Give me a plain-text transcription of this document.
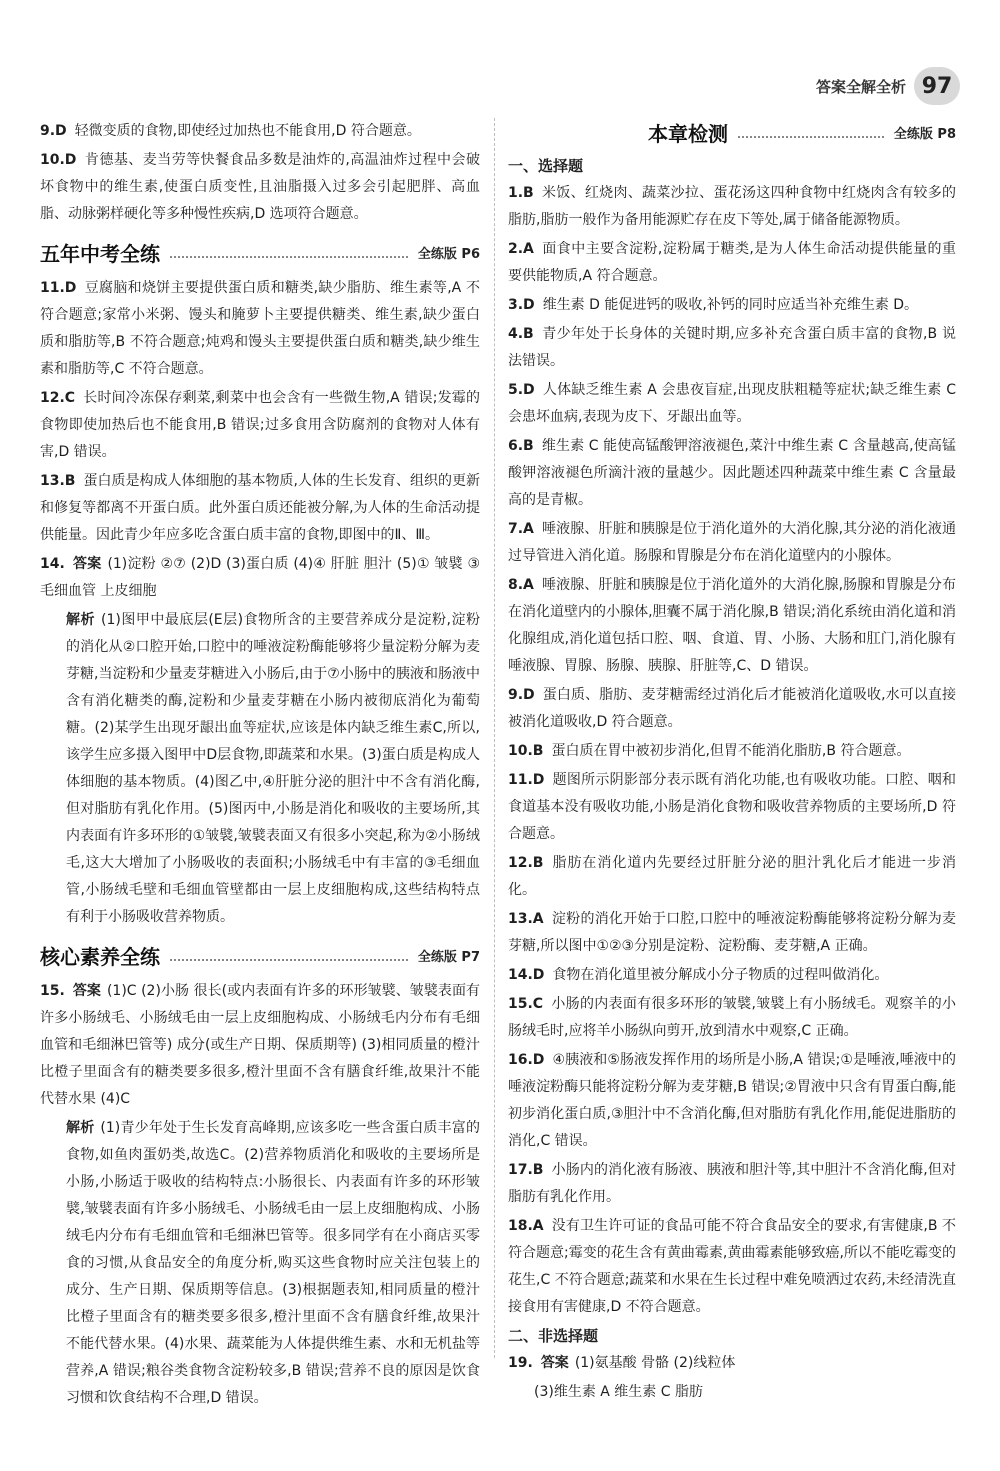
答案全解全析 97

9.D 轻微变质的食物,即使经过加热也不能食用,D 符合题意。

10.D 肯德基、麦当劳等快餐食品多数是油炸的,高温油炸过程中会破坏食物中的维生素,使蛋白质变性,且油脂摄入过多会引起肥胖、高血脂、动脉粥样硬化等多种慢性疾病,D 选项符合题意。

五年中考全练	全练版 P6

11.D 豆腐脑和烧饼主要提供蛋白质和糖类,缺少脂肪、维生素等,A 不符合题意;家常小米粥、馒头和腌萝卜主要提供糖类、维生素,缺少蛋白质和脂肪等,B 不符合题意;炖鸡和馒头主要提供蛋白质和糖类,缺少维生素和脂肪等,C 不符合题意。

12.C 长时间冷冻保存剩菜,剩菜中也会含有一些微生物,A 错误;发霉的食物即使加热后也不能食用,B 错误;过多食用含防腐剂的食物对人体有害,D 错误。

13.B 蛋白质是构成人体细胞的基本物质,人体的生长发育、组织的更新和修复等都离不开蛋白质。此外蛋白质还能被分解,为人体的生命活动提供能量。因此青少年应多吃含蛋白质丰富的食物,即图中的Ⅱ、Ⅲ。

14. 答案 (1)淀粉 ②⑦ (2)D (3)蛋白质 (4)④ 肝脏 胆汁 (5)① 皱襞 ③ 毛细血管 上皮细胞

解析 (1)图甲中最底层(E层)食物所含的主要营养成分是淀粉,淀粉的消化从②口腔开始,口腔中的唾液淀粉酶能够将少量淀粉分解为麦芽糖,当淀粉和少量麦芽糖进入小肠后,由于⑦小肠中的胰液和肠液中含有消化糖类的酶,淀粉和少量麦芽糖在小肠内被彻底消化为葡萄糖。(2)某学生出现牙龈出血等症状,应该是体内缺乏维生素C,所以,该学生应多摄入图甲中D层食物,即蔬菜和水果。(3)蛋白质是构成人体细胞的基本物质。(4)图乙中,④肝脏分泌的胆汁中不含有消化酶,但对脂肪有乳化作用。(5)图丙中,小肠是消化和吸收的主要场所,其内表面有许多环形的①皱襞,皱襞表面又有很多小突起,称为②小肠绒毛,这大大增加了小肠吸收的表面积;小肠绒毛中有丰富的③毛细血管,小肠绒毛壁和毛细血管壁都由一层上皮细胞构成,这些结构特点有利于小肠吸收营养物质。

核心素养全练	全练版 P7

15. 答案 (1)C (2)小肠 很长(或内表面有许多的环形皱襞、皱襞表面有许多小肠绒毛、小肠绒毛由一层上皮细胞构成、小肠绒毛内分布有毛细血管和毛细淋巴管等) 成分(或生产日期、保质期等) (3)相同质量的橙汁比橙子里面含有的糖类要多很多,橙汁里面不含有膳食纤维,故果汁不能代替水果 (4)C

解析 (1)青少年处于生长发育高峰期,应该多吃一些含蛋白质丰富的食物,如鱼肉蛋奶类,故选C。(2)营养物质消化和吸收的主要场所是小肠,小肠适于吸收的结构特点:小肠很长、内表面有许多的环形皱襞,皱襞表面有许多小肠绒毛、小肠绒毛由一层上皮细胞构成、小肠绒毛内分布有毛细血管和毛细淋巴管等。很多同学有在小商店买零食的习惯,从食品安全的角度分析,购买这些食物时应关注包装上的成分、生产日期、保质期等信息。(3)根据题表知,相同质量的橙汁比橙子里面含有的糖类要多很多,橙汁里面不含有膳食纤维,故果汁不能代替水果。(4)水果、蔬菜能为人体提供维生素、水和无机盐等营养,A 错误;粮谷类食物含淀粉较多,B 错误;营养不良的原因是饮食习惯和饮食结构不合理,D 错误。

本章检测	全练版 P8
一、选择题

1.B 米饭、红烧肉、蔬菜沙拉、蛋花汤这四种食物中红烧肉含有较多的脂肪,脂肪一般作为备用能源贮存在皮下等处,属于储备能源物质。

2.A 面食中主要含淀粉,淀粉属于糖类,是为人体生命活动提供能量的重要供能物质,A 符合题意。

3.D 维生素 D 能促进钙的吸收,补钙的同时应适当补充维生素 D。

4.B 青少年处于长身体的关键时期,应多补充含蛋白质丰富的食物,B 说法错误。

5.D 人体缺乏维生素 A 会患夜盲症,出现皮肤粗糙等症状;缺乏维生素 C 会患坏血病,表现为皮下、牙龈出血等。

6.B 维生素 C 能使高锰酸钾溶液褪色,菜汁中维生素 C 含量越高,使高锰酸钾溶液褪色所滴汁液的量越少。因此题述四种蔬菜中维生素 C 含量最高的是青椒。

7.A 唾液腺、肝脏和胰腺是位于消化道外的大消化腺,其分泌的消化液通过导管进入消化道。肠腺和胃腺是分布在消化道壁内的小腺体。

8.A 唾液腺、肝脏和胰腺是位于消化道外的大消化腺,肠腺和胃腺是分布在消化道壁内的小腺体,胆囊不属于消化腺,B 错误;消化系统由消化道和消化腺组成,消化道包括口腔、咽、食道、胃、小肠、大肠和肛门,消化腺有唾液腺、胃腺、肠腺、胰腺、肝脏等,C、D 错误。

9.D 蛋白质、脂肪、麦芽糖需经过消化后才能被消化道吸收,水可以直接被消化道吸收,D 符合题意。

10.B 蛋白质在胃中被初步消化,但胃不能消化脂肪,B 符合题意。

11.D 题图所示阴影部分表示既有消化功能,也有吸收功能。口腔、咽和食道基本没有吸收功能,小肠是消化食物和吸收营养物质的主要场所,D 符合题意。

12.B 脂肪在消化道内先要经过肝脏分泌的胆汁乳化后才能进一步消化。

13.A 淀粉的消化开始于口腔,口腔中的唾液淀粉酶能够将淀粉分解为麦芽糖,所以图中①②③分别是淀粉、淀粉酶、麦芽糖,A 正确。

14.D 食物在消化道里被分解成小分子物质的过程叫做消化。

15.C 小肠的内表面有很多环形的皱襞,皱襞上有小肠绒毛。观察羊的小肠绒毛时,应将羊小肠纵向剪开,放到清水中观察,C 正确。

16.D ④胰液和⑤肠液发挥作用的场所是小肠,A 错误;①是唾液,唾液中的唾液淀粉酶只能将淀粉分解为麦芽糖,B 错误;②胃液中只含有胃蛋白酶,能初步消化蛋白质,③胆汁中不含消化酶,但对脂肪有乳化作用,能促进脂肪的消化,C 错误。

17.B 小肠内的消化液有肠液、胰液和胆汁等,其中胆汁不含消化酶,但对脂肪有乳化作用。

18.A 没有卫生许可证的食品可能不符合食品安全的要求,有害健康,B 不符合题意;霉变的花生含有黄曲霉素,黄曲霉素能够致癌,所以不能吃霉变的花生,C 不符合题意;蔬菜和水果在生长过程中难免喷洒过农药,未经清洗直接食用有害健康,D 不符合题意。

二、非选择题

19. 答案 (1)氨基酸 骨骼 (2)线粒体

(3)维生素 A 维生素 C 脂肪
